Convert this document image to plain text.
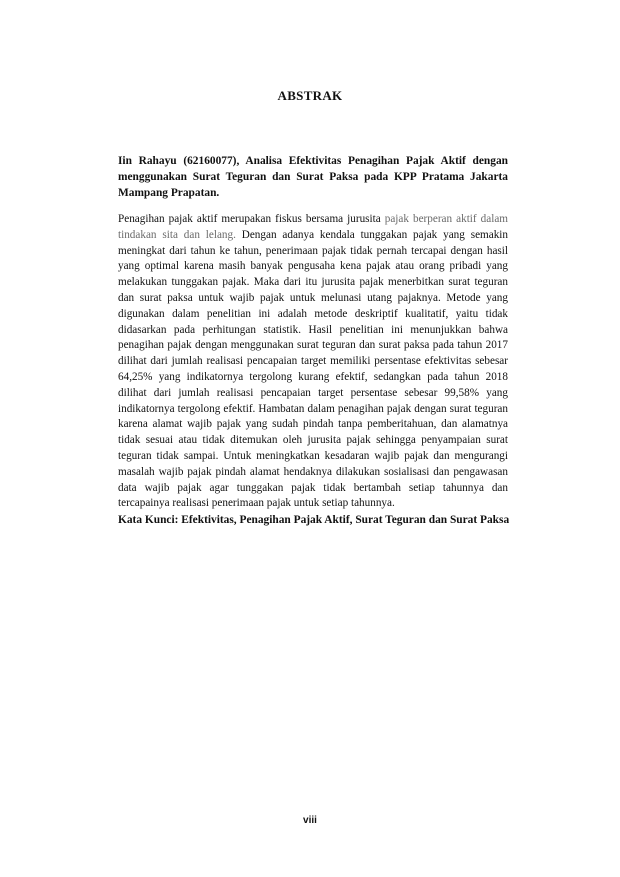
ABSTRAK
Iin Rahayu (62160077), Analisa Efektivitas Penagihan Pajak Aktif dengan menggunakan Surat Teguran dan Surat Paksa pada KPP Pratama Jakarta Mampang Prapatan.
Penagihan pajak aktif merupakan fiskus bersama jurusita pajak berperan aktif dalam tindakan sita dan lelang. Dengan adanya kendala tunggakan pajak yang semakin meningkat dari tahun ke tahun, penerimaan pajak tidak pernah tercapai dengan hasil yang optimal karena masih banyak pengusaha kena pajak atau orang pribadi yang melakukan tunggakan pajak. Maka dari itu jurusita pajak menerbitkan surat teguran dan surat paksa untuk wajib pajak untuk melunasi utang pajaknya. Metode yang digunakan dalam penelitian ini adalah metode deskriptif kualitatif, yaitu tidak didasarkan pada perhitungan statistik. Hasil penelitian ini menunjukkan bahwa penagihan pajak dengan menggunakan surat teguran dan surat paksa pada tahun 2017 dilihat dari jumlah realisasi pencapaian target memiliki persentase efektivitas sebesar 64,25% yang indikatornya tergolong kurang efektif, sedangkan pada tahun 2018 dilihat dari jumlah realisasi pencapaian target persentase sebesar 99,58% yang indikatornya tergolong efektif. Hambatan dalam penagihan pajak dengan surat teguran karena alamat wajib pajak yang sudah pindah tanpa pemberitahuan, dan alamatnya tidak sesuai atau tidak ditemukan oleh jurusita pajak sehingga penyampaian surat teguran tidak sampai. Untuk meningkatkan kesadaran wajib pajak dan mengurangi masalah wajib pajak pindah alamat hendaknya dilakukan sosialisasi dan pengawasan data wajib pajak agar tunggakan pajak tidak bertambah setiap tahunnya dan tercapainya realisasi penerimaan pajak untuk setiap tahunnya.
Kata Kunci: Efektivitas, Penagihan Pajak Aktif, Surat Teguran dan Surat Paksa
viii
